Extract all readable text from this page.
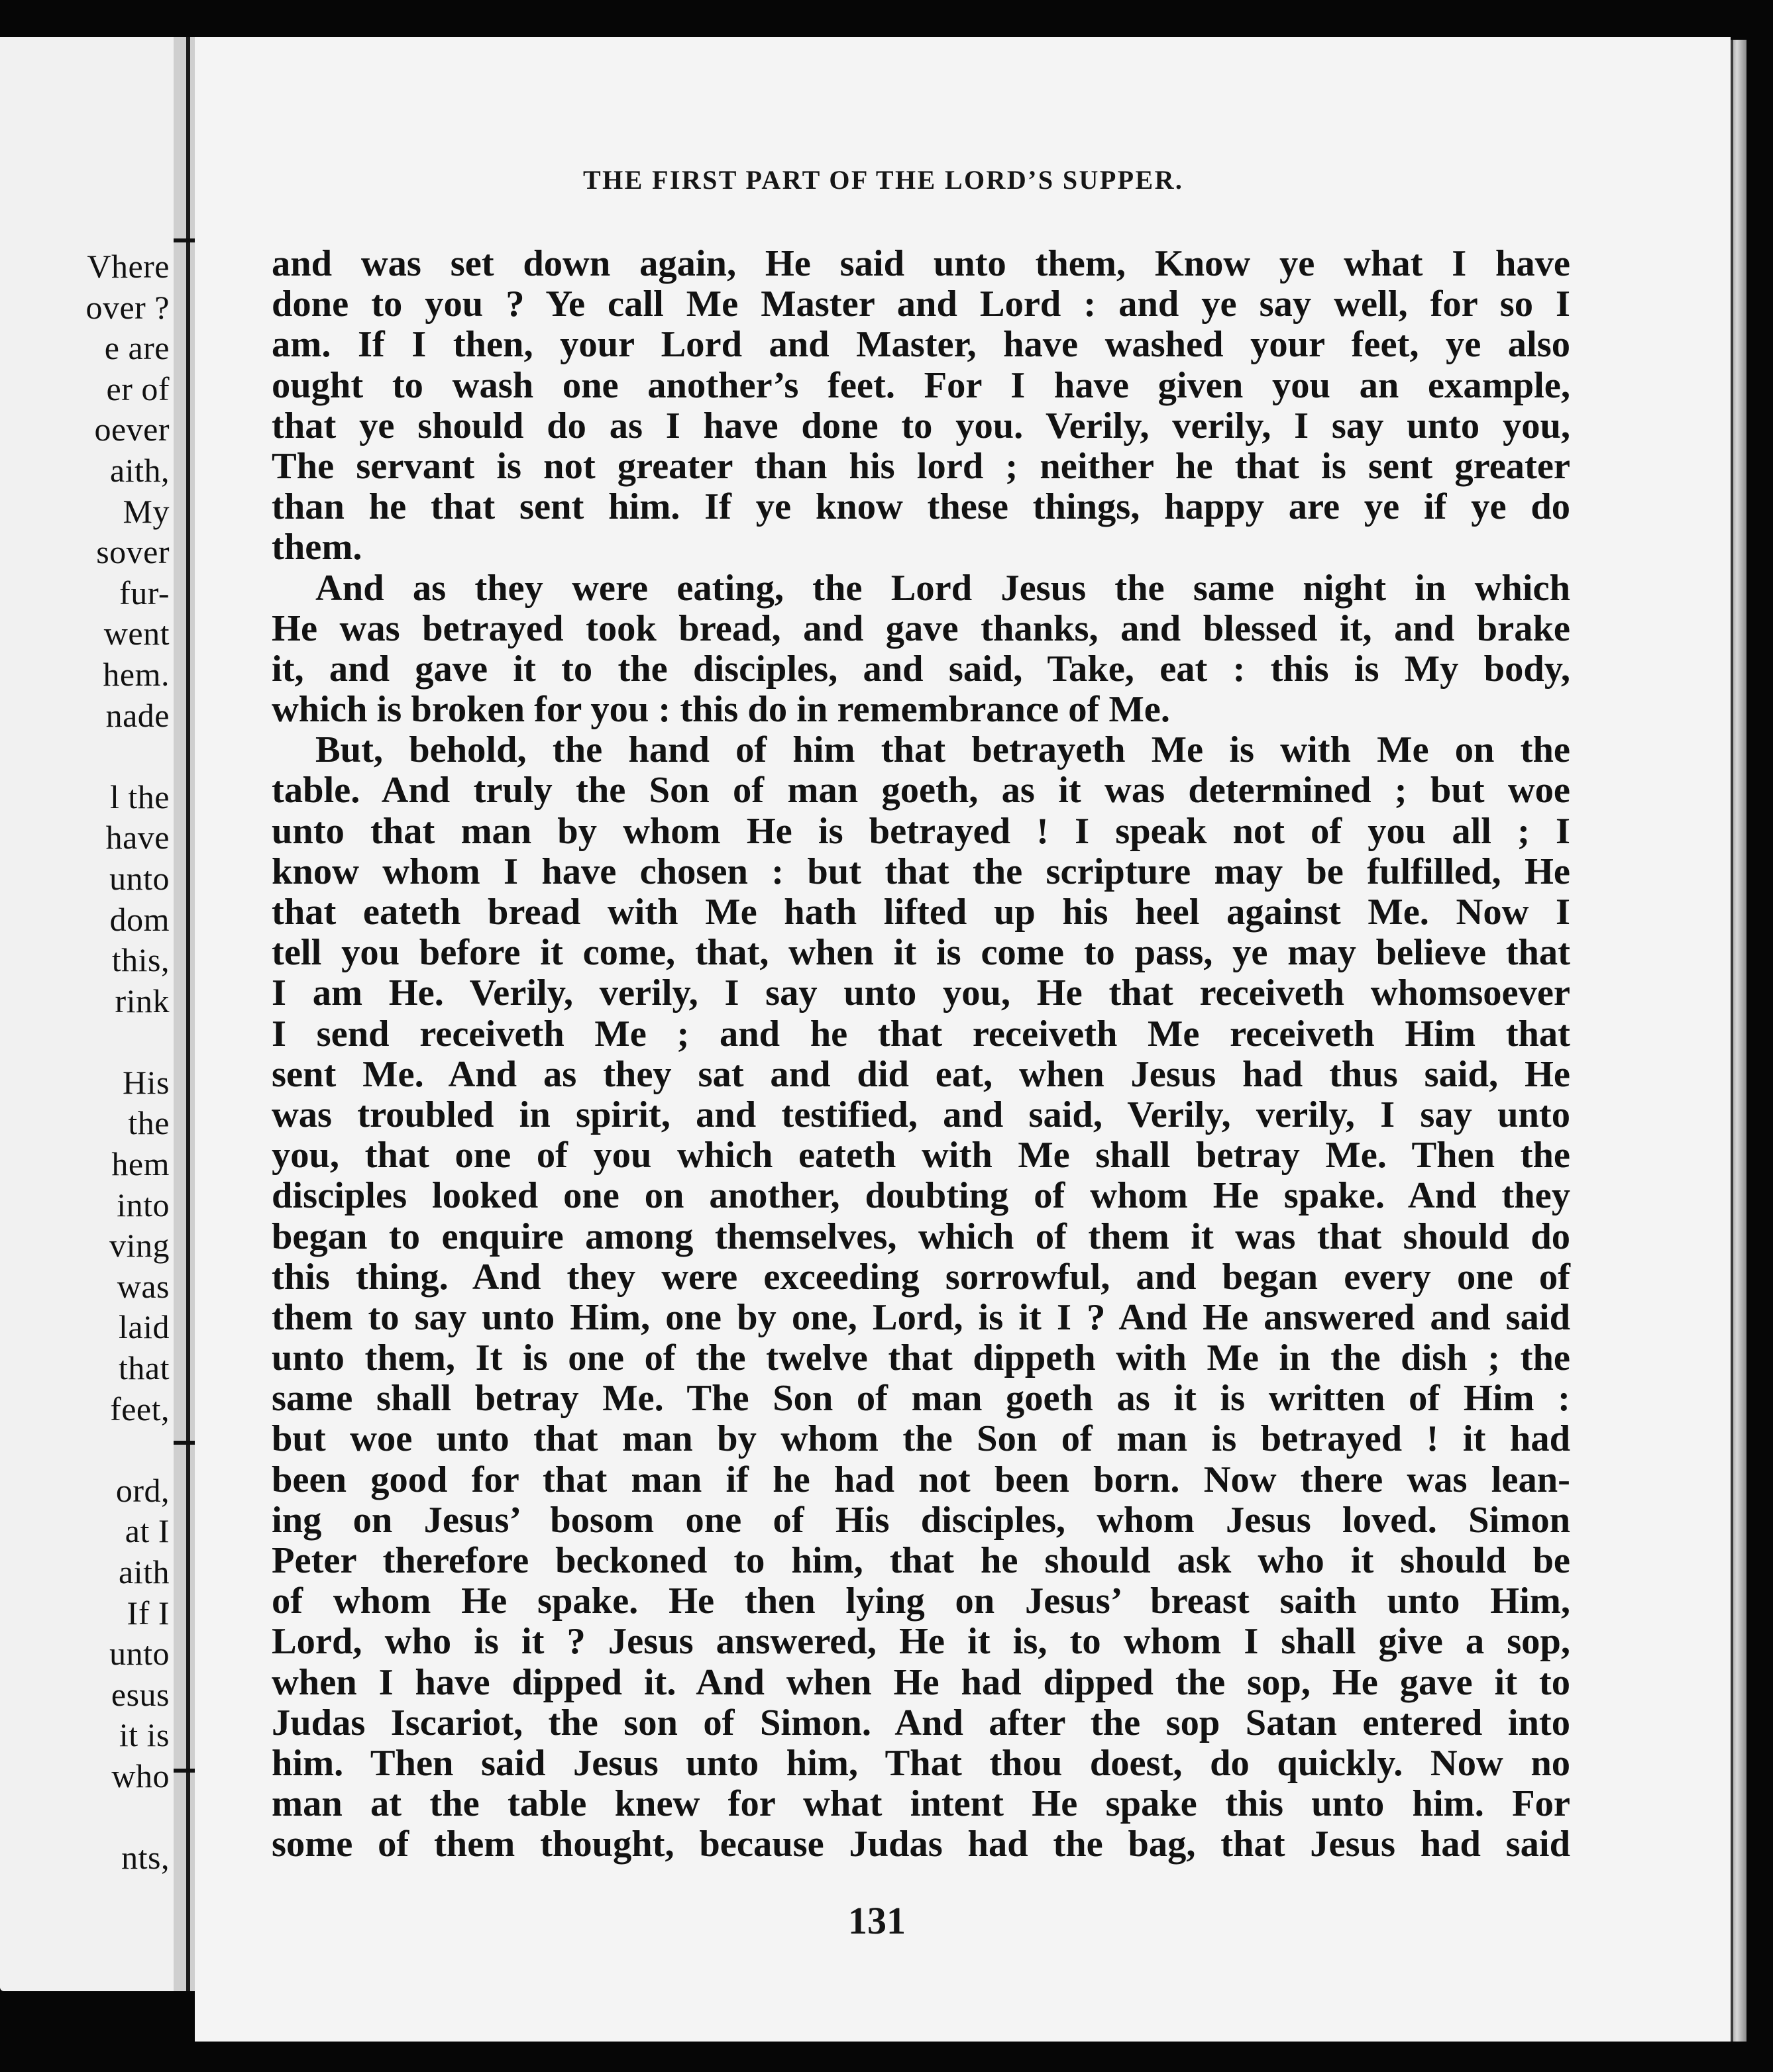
Vhere
over ?
e are
er of
oever
aith,
My
sover
fur-
went
hem.
nade

l the
have
unto
dom
this,
rink

His
the
hem
into
ving
was
laid
that
feet,

ord,
at I
aith
If I
unto
esus
it is
who

nts,
THE FIRST PART OF THE LORD’S SUPPER.
and was set down again, He said unto them, Know ye what I have
done to you ? Ye call Me Master and Lord : and ye say well, for so I
am. If I then, your Lord and Master, have washed your feet, ye also
ought to wash one another’s feet. For I have given you an example,
that ye should do as I have done to you. Verily, verily, I say unto you,
The servant is not greater than his lord ; neither he that is sent greater
than he that sent him. If ye know these things, happy are ye if ye do
them.
And as they were eating, the Lord Jesus the same night in which
He was betrayed took bread, and gave thanks, and blessed it, and brake
it, and gave it to the disciples, and said, Take, eat : this is My body,
which is broken for you : this do in remembrance of Me.
But, behold, the hand of him that betrayeth Me is with Me on the
table. And truly the Son of man goeth, as it was determined ; but woe
unto that man by whom He is betrayed ! I speak not of you all ; I
know whom I have chosen : but that the scripture may be fulfilled, He
that eateth bread with Me hath lifted up his heel against Me. Now I
tell you before it come, that, when it is come to pass, ye may believe that
I am He. Verily, verily, I say unto you, He that receiveth whomsoever
I send receiveth Me ; and he that receiveth Me receiveth Him that
sent Me. And as they sat and did eat, when Jesus had thus said, He
was troubled in spirit, and testified, and said, Verily, verily, I say unto
you, that one of you which eateth with Me shall betray Me. Then the
disciples looked one on another, doubting of whom He spake. And they
began to enquire among themselves, which of them it was that should do
this thing. And they were exceeding sorrowful, and began every one of
them to say unto Him, one by one, Lord, is it I ? And He answered and said
unto them, It is one of the twelve that dippeth with Me in the dish ; the
same shall betray Me. The Son of man goeth as it is written of Him :
but woe unto that man by whom the Son of man is betrayed ! it had
been good for that man if he had not been born. Now there was lean-
ing on Jesus’ bosom one of His disciples, whom Jesus loved. Simon
Peter therefore beckoned to him, that he should ask who it should be
of whom He spake. He then lying on Jesus’ breast saith unto Him,
Lord, who is it ? Jesus answered, He it is, to whom I shall give a sop,
when I have dipped it. And when He had dipped the sop, He gave it to
Judas Iscariot, the son of Simon. And after the sop Satan entered into
him. Then said Jesus unto him, That thou doest, do quickly. Now no
man at the table knew for what intent He spake this unto him. For
some of them thought, because Judas had the bag, that Jesus had said
131
